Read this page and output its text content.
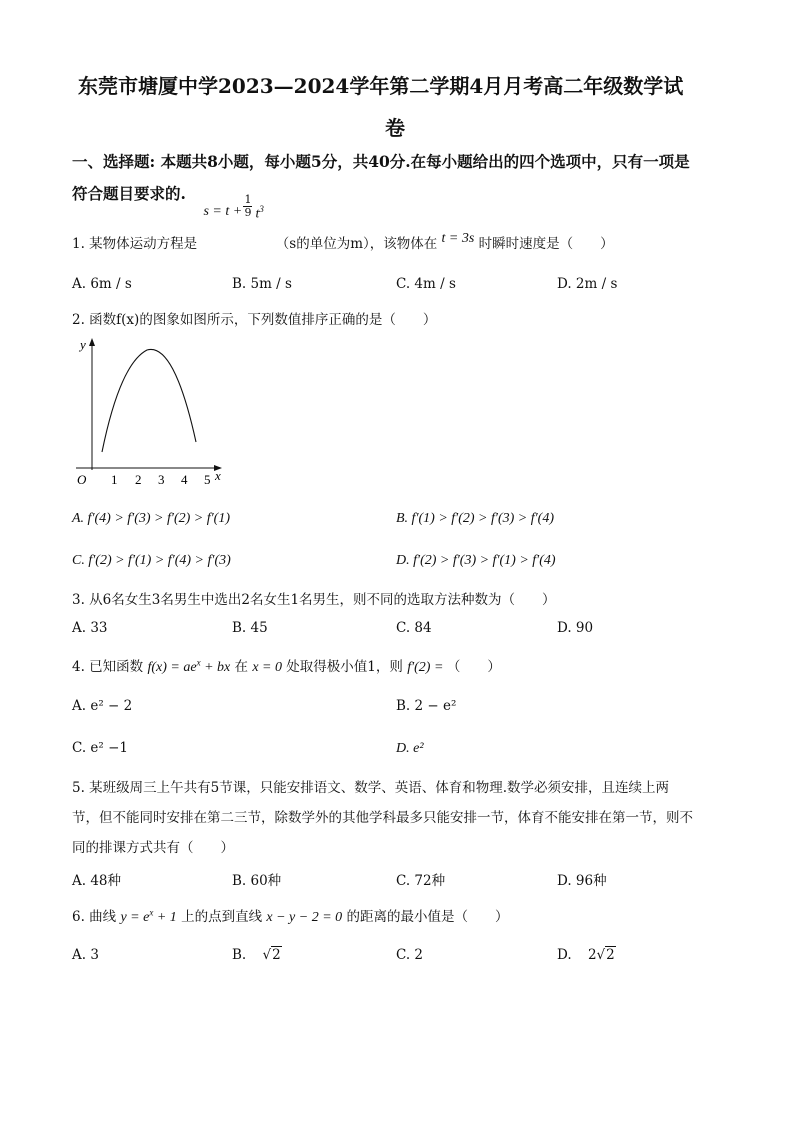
东莞市塘厦中学2023—2024学年第二学期4月月考高二年级数学试
卷
一、选择题: 本题共8小题，每小题5分，共40分.在每小题给出的四个选项中，只有一项是
符合题目要求的.
1. 某物体运动方程是
$s = t + \frac{1}{9} t^3$
（s的单位为m），该物体在 t = 3s 时瞬时速度是（　　）
A. 6m / s	B. 5m / s	C. 4m / s	D. 2m / s
2. 函数f(x)的图象如图所示，下列数值排序正确的是（　　）
y
x
O 1 2 3 4 5
A. f′(4) > f′(3) > f′(2) > f′(1)	B. f′(1) > f′(2) > f′(3) > f′(4)
C. f′(2) > f′(1) > f′(4) > f′(3)	D. f′(2) > f′(3) > f′(1) > f′(4)
3. 从6名女生3名男生中选出2名女生1名男生，则不同的选取方法种数为（　　）
A. 33	B. 45	C. 84	D. 90
4. 已知函数 $f(x) = ae^x$ + bx 在 x = 0 处取得极小值1，则 f′(2) = （　　）
A. e² − 2	B. 2 − e²
C. e² −1	D. e²
5. 某班级周三上午共有5节课，只能安排语文、数学、英语、体育和物理.数学必须安排，且连续上两
节，但不能同时安排在第二三节，除数学外的其他学科最多只能安排一节，体育不能安排在第一节，则不
同的排课方式共有（　　）
A. 48种	B. 60种	C. 72种	D. 96种
6. 曲线 $y = e^x + 1$ 上的点到直线 x − y − 2 = 0 的距离的最小值是（　　）
A. 3	B. √2	C. 2	D. 2√2
